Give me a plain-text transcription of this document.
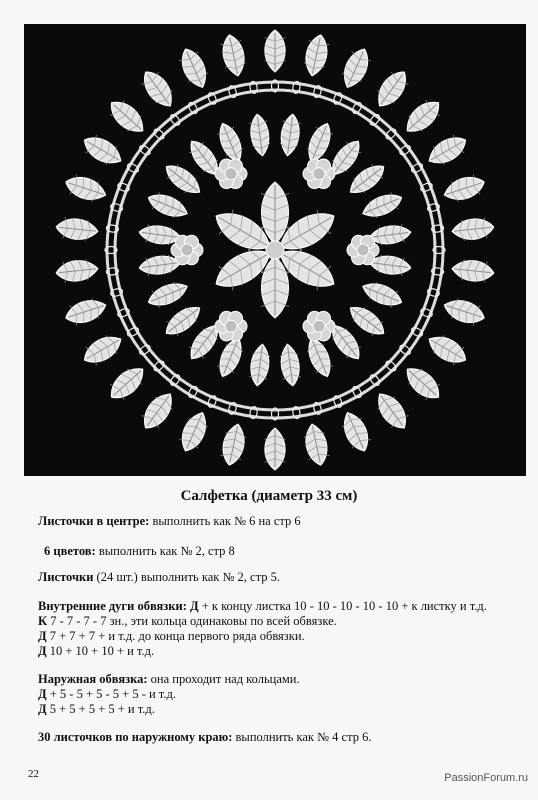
Салфетка (диаметр 33 см)
Листочки в центре: выполнить как № 6 на стр 6
6 цветов: выполнить как № 2, стр 8
Листочки (24 шт.) выполнить как № 2, стр 5.
Внутренние дуги обвязки: Д + к концу листка 10 - 10 - 10 - 10 - 10 + к листку и т.д.
К 7 - 7 - 7 - 7 зн., эти кольца одинаковы по всей обвязке.
Д 7 + 7 + 7 + и т.д. до конца первого ряда обвязки.
Д 10 + 10 + 10 + и т.д.
Наружная обвязка: она проходит над кольцами.
Д + 5 - 5 + 5 - 5 + 5 - и т.д.
Д 5 + 5 + 5 + 5 + и т.д.
30 листочков по наружному краю: выполнить как № 4 стр 6.
22	PassionForum.ru
